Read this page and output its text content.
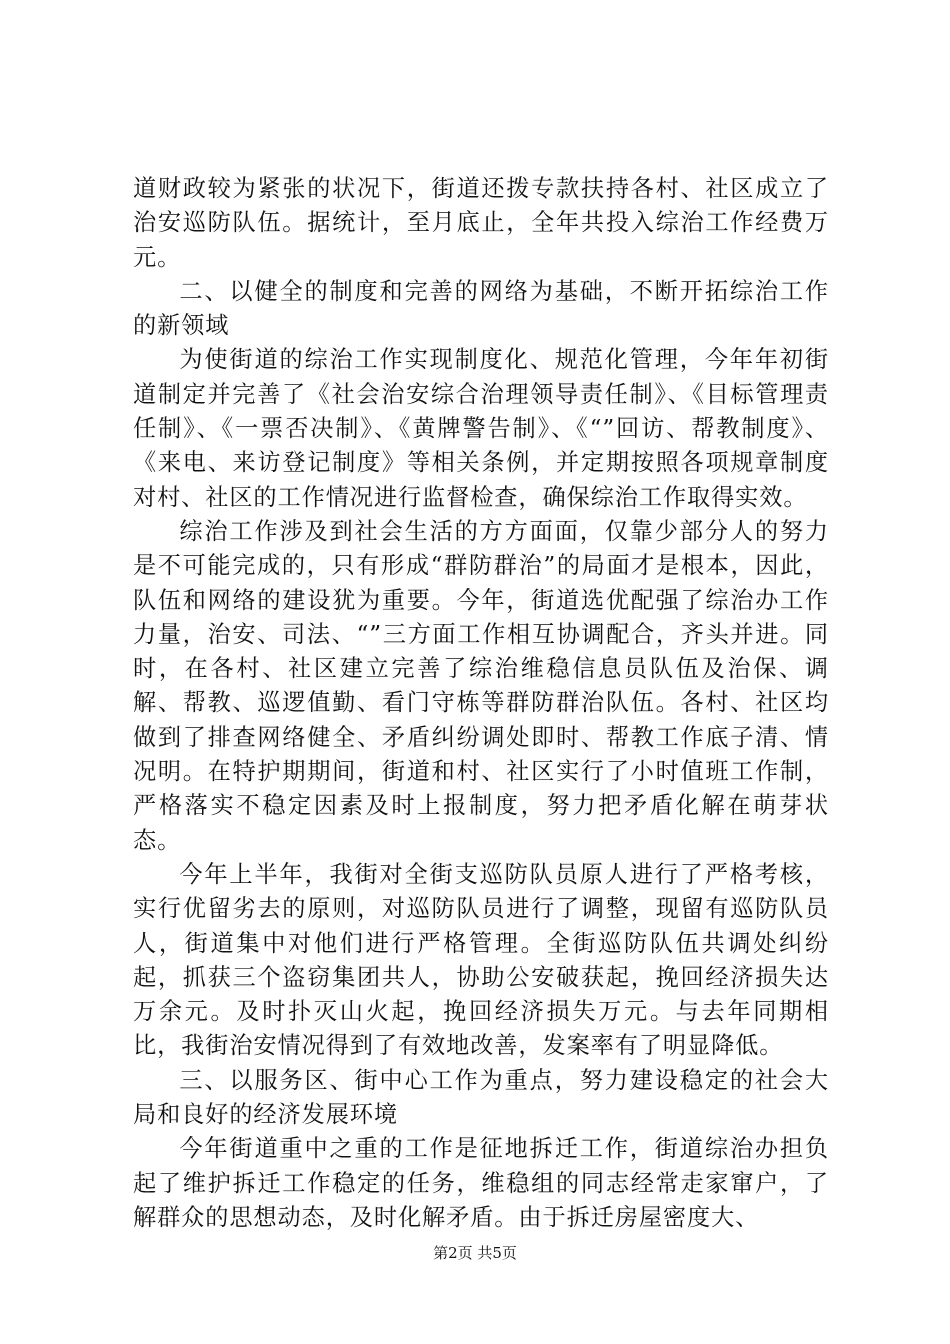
道财政较为紧张的状况下，街道还拨专款扶持各村、社区成立了治安巡防队伍。据统计，至月底止，全年共投入综治工作经费万元。

二、以健全的制度和完善的网络为基础，不断开拓综治工作的新领域

为使街道的综治工作实现制度化、规范化管理，今年年初街道制定并完善了《社会治安综合治理领导责任制》、《目标管理责任制》、《一票否决制》、《黄牌警告制》、《“”回访、帮教制度》、《来电、来访登记制度》等相关条例，并定期按照各项规章制度对村、社区的工作情况进行监督检查，确保综治工作取得实效。

综治工作涉及到社会生活的方方面面，仅靠少部分人的努力是不可能完成的，只有形成“群防群治”的局面才是根本，因此，队伍和网络的建设犹为重要。今年，街道选优配强了综治办工作力量，治安、司法、“”三方面工作相互协调配合，齐头并进。同时，在各村、社区建立完善了综治维稳信息员队伍及治保、调解、帮教、巡逻值勤、看门守栋等群防群治队伍。各村、社区均做到了排查网络健全、矛盾纠纷调处即时、帮教工作底子清、情况明。在特护期期间，街道和村、社区实行了小时值班工作制，严格落实不稳定因素及时上报制度，努力把矛盾化解在萌芽状态。

今年上半年，我街对全街支巡防队员原人进行了严格考核，实行优留劣去的原则，对巡防队员进行了调整，现留有巡防队员人，街道集中对他们进行严格管理。全街巡防队伍共调处纠纷起，抓获三个盗窃集团共人，协助公安破获起，挽回经济损失达万余元。及时扑灭山火起，挽回经济损失万元。与去年同期相比，我街治安情况得到了有效地改善，发案率有了明显降低。

三、以服务区、街中心工作为重点，努力建设稳定的社会大局和良好的经济发展环境

今年街道重中之重的工作是征地拆迁工作，街道综治办担负起了维护拆迁工作稳定的任务，维稳组的同志经常走家窜户，了解群众的思想动态，及时化解矛盾。由于拆迁房屋密度大、

第2页 共5页
